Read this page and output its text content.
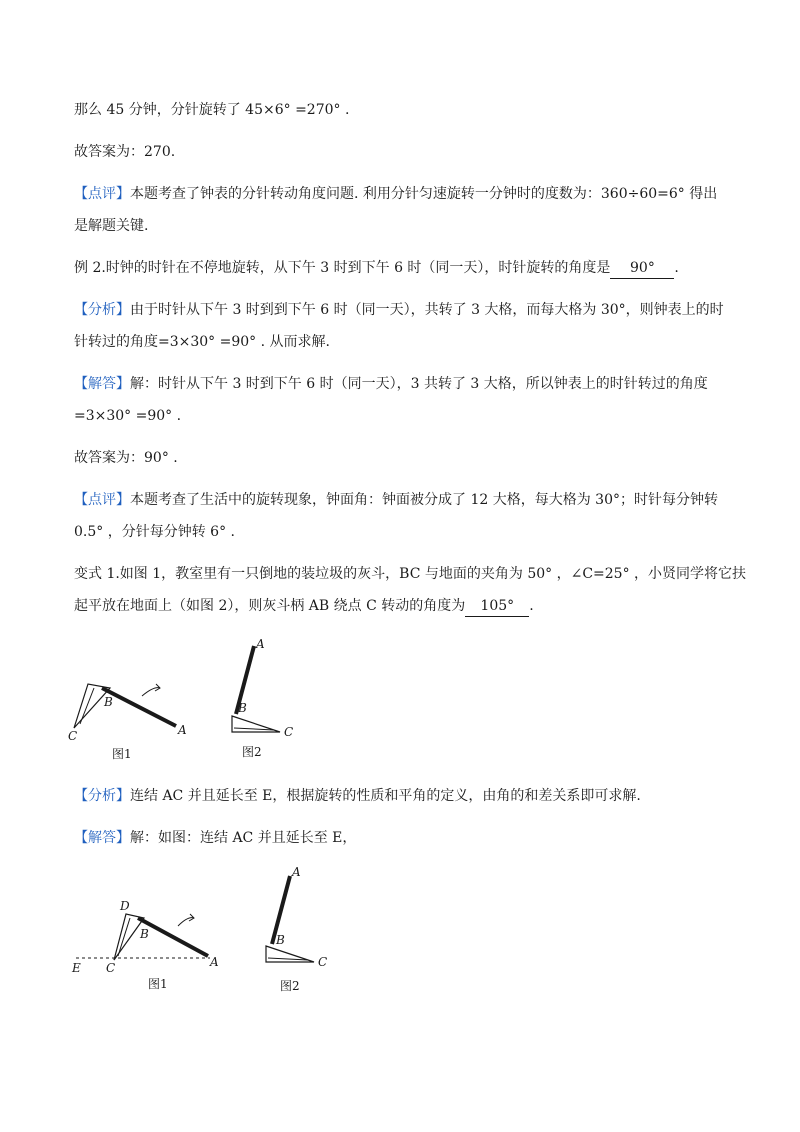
那么 45 分钟，分针旋转了 45×6° =270° .
故答案为：270.
【点评】本题考查了钟表的分针转动角度问题. 利用分针匀速旋转一分钟时的度数为：360÷60=6° 得出
是解题关键.
例 2.时钟的时针在不停地旋转，从下午 3 时到下午 6 时（同一天），时针旋转的角度是 90° .
【分析】由于时针从下午 3 时到到下午 6 时（同一天），共转了 3 大格，而每大格为 30°，则钟表上的时
针转过的角度=3×30° =90° . 从而求解.
【解答】解：时针从下午 3 时到下午 6 时（同一天），3 共转了 3 大格，所以钟表上的时针转过的角度
=3×30° =90° .
故答案为：90° .
【点评】本题考查了生活中的旋转现象，钟面角：钟面被分成了 12 大格，每大格为 30°；时针每分钟转
0.5° ，分针每分钟转 6° .
变式 1.如图 1，教室里有一只倒地的装垃圾的灰斗，BC 与地面的夹角为 50° ，∠C=25° ，小贤同学将它扶
起平放在地面上（如图 2），则灰斗柄 AB 绕点 C 转动的角度为 105° .
C
B
A
图1
A
B
C
图2
【分析】连结 AC 并且延长至 E，根据旋转的性质和平角的定义，由角的和差关系即可求解.
【解答】解：如图：连结 AC 并且延长至 E，
D
B
E C	A
图1
A
B
C
图2
